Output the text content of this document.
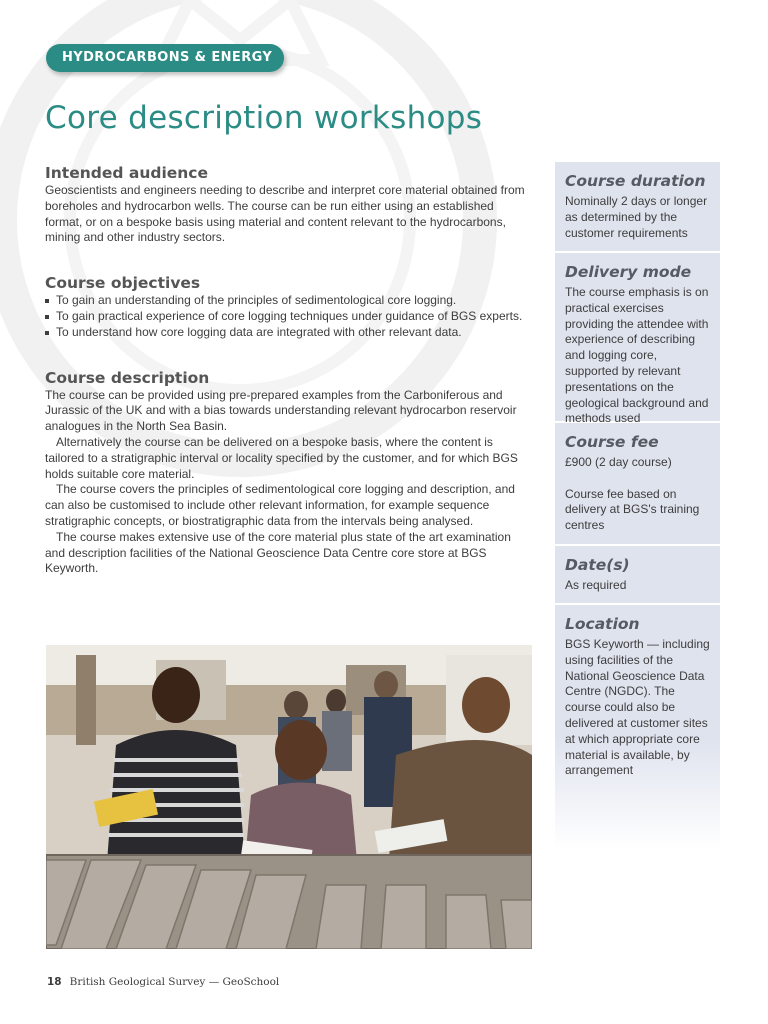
HYDROCARBONS & ENERGY
Core description workshops
Intended audience

Geoscientists and engineers needing to describe and interpret core material obtained from boreholes and hydrocarbon wells. The course can be run either using an established format, or on a bespoke basis using material and content relevant to the hydrocarbons, mining and other industry sectors.

Course objectives
To gain an understanding of the principles of sedimentological core logging.
To gain practical experience of core logging techniques under guidance of BGS experts.
To understand how core logging data are integrated with other relevant data.
Course description

The course can be provided using pre-prepared examples from the Carboniferous and Jurassic of the UK and with a bias towards understanding relevant hydrocarbon reservoir analogues in the North Sea Basin.

Alternatively the course can be delivered on a bespoke basis, where the content is tailored to a stratigraphic interval or locality specified by the customer, and for which BGS holds suitable core material.

The course covers the principles of sedimentological core logging and description, and can also be customised to include other relevant information, for example sequence stratigraphic concepts, or biostratigraphic data from the intervals being analysed.

The course makes extensive use of the core material plus state of the art examination and description facilities of the National Geoscience Data Centre core store at BGS Keyworth.

18 British Geological Survey — GeoSchool
Course duration

Nominally 2 days or longer as determined by the customer requirements

Delivery mode

The course emphasis is on practical exercises providing the attendee with experience of describing and logging core, supported by relevant presentations on the geological background and methods used

Course fee

£900 (2 day course)

Course fee based on delivery at BGS's training centres

Date(s)

As required

Location

BGS Keyworth — including using facilities of the National Geoscience Data Centre (NGDC). The course could also be delivered at customer sites at which appropriate core material is available, by arrangement
